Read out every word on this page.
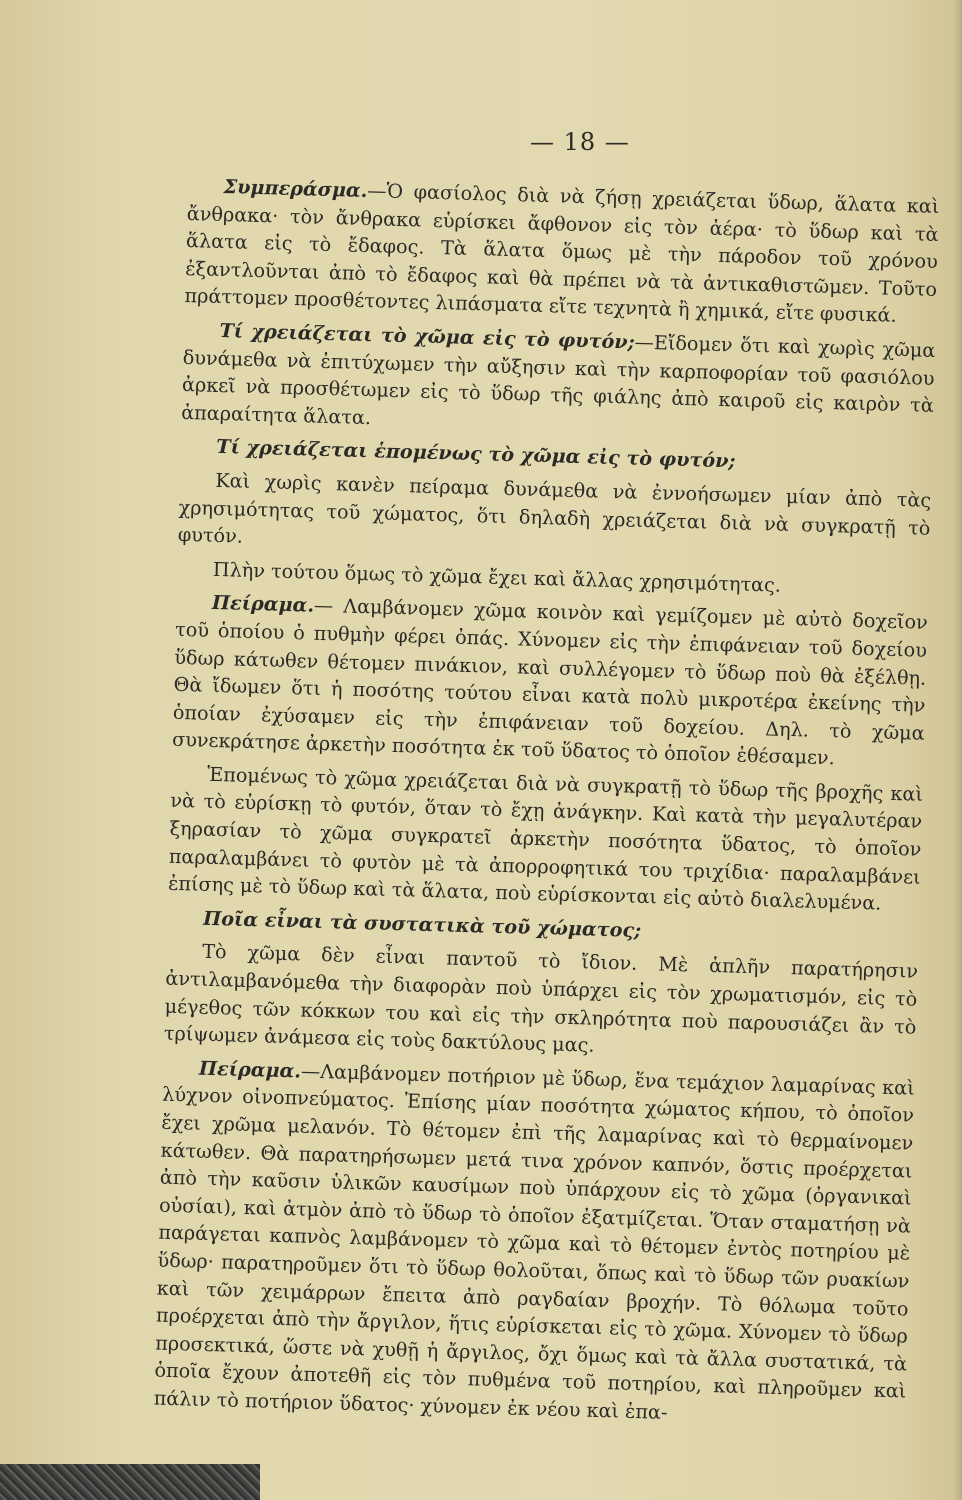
— 18 —

Συμπεράσμα.—Ὁ φασίολος διὰ νὰ ζήσῃ χρειάζεται ὕδωρ, ἅλατα καὶ ἄνθρακα· τὸν ἄνθρακα εὑρίσκει ἄφθονον εἰς τὸν ἀέρα· τὸ ὕδωρ καὶ τὰ ἅλατα εἰς τὸ ἔδαφος. Τὰ ἅλατα ὅμως μὲ τὴν πάροδον τοῦ χρόνου ἐξαντλοῦνται ἀπὸ τὸ ἔδαφος καὶ θὰ πρέπει νὰ τὰ ἀντικαθιστῶμεν. Τοῦτο πράττομεν προσθέτοντες λιπάσματα εἴτε τεχνητὰ ἢ χημικά, εἴτε φυσικά.

Τί χρειάζεται τὸ χῶμα εἰς τὸ φυτόν;—Εἴδομεν ὅτι καὶ χωρὶς χῶμα δυνάμεθα νὰ ἐπιτύχωμεν τὴν αὔξησιν καὶ τὴν καρποφορίαν τοῦ φασιόλου ἀρκεῖ νὰ προσθέτωμεν εἰς τὸ ὕδωρ τῆς φιάλης ἀπὸ καιροῦ εἰς καιρὸν τὰ ἀπαραίτητα ἅλατα.

Τί χρειάζεται ἑπομένως τὸ χῶμα εἰς τὸ φυτόν;

Καὶ χωρὶς κανὲν πείραμα δυνάμεθα νὰ ἐννοήσωμεν μίαν ἀπὸ τὰς χρησιμότητας τοῦ χώματος, ὅτι δηλαδὴ χρειάζεται διὰ νὰ συγκρατῇ τὸ φυτόν.

Πλὴν τούτου ὅμως τὸ χῶμα ἔχει καὶ ἄλλας χρησιμότητας.

Πείραμα.— Λαμβάνομεν χῶμα κοινὸν καὶ γεμίζομεν μὲ αὐτὸ δοχεῖον τοῦ ὁποίου ὁ πυθμὴν φέρει ὀπάς. Χύνομεν εἰς τὴν ἐπιφάνειαν τοῦ δοχείου ὕδωρ κάτωθεν θέτομεν πινάκιον, καὶ συλλέγομεν τὸ ὕδωρ ποὺ θὰ ἐξέλθῃ. Θὰ ἴδωμεν ὅτι ἡ ποσότης τούτου εἶναι κατὰ πολὺ μικροτέρα ἐκείνης τὴν ὁποίαν ἐχύσαμεν εἰς τὴν ἐπιφάνειαν τοῦ δοχείου. Δηλ. τὸ χῶμα συνεκράτησε ἀρκετὴν ποσότητα ἐκ τοῦ ὕδατος τὸ ὁποῖον ἐθέσαμεν.

Ἑπομένως τὸ χῶμα χρειάζεται διὰ νὰ συγκρατῇ τὸ ὕδωρ τῆς βροχῆς καὶ νὰ τὸ εὑρίσκῃ τὸ φυτόν, ὅταν τὸ ἔχῃ ἀνάγκην. Καὶ κατὰ τὴν μεγαλυτέραν ξηρασίαν τὸ χῶμα συγκρατεῖ ἀρκετὴν ποσότητα ὕδατος, τὸ ὁποῖον παραλαμβάνει τὸ φυτὸν μὲ τὰ ἀπορροφητικά του τριχίδια· παραλαμβάνει ἐπίσης μὲ τὸ ὕδωρ καὶ τὰ ἅλατα, ποὺ εὑρίσκονται εἰς αὐτὸ διαλελυμένα.

Ποῖα εἶναι τὰ συστατικὰ τοῦ χώματος;

Τὸ χῶμα δὲν εἶναι παντοῦ τὸ ἴδιον. Μὲ ἁπλῆν παρατήρησιν ἀντιλαμβανόμεθα τὴν διαφορὰν ποὺ ὑπάρχει εἰς τὸν χρωματισμόν, εἰς τὸ μέγεθος τῶν κόκκων του καὶ εἰς τὴν σκληρότητα ποὺ παρουσιάζει ἂν τὸ τρίψωμεν ἀνάμεσα εἰς τοὺς δακτύλους μας.

Πείραμα.—Λαμβάνομεν ποτήριον μὲ ὕδωρ, ἕνα τεμάχιον λαμαρίνας καὶ λύχνον οἰνοπνεύματος. Ἐπίσης μίαν ποσότητα χώματος κήπου, τὸ ὁποῖον ἔχει χρῶμα μελανόν. Τὸ θέτομεν ἐπὶ τῆς λαμαρίνας καὶ τὸ θερμαίνομεν κάτωθεν. Θὰ παρατηρήσωμεν μετά τινα χρόνον καπνόν, ὅστις προέρχεται ἀπὸ τὴν καῦσιν ὑλικῶν καυσίμων ποὺ ὑπάρχουν εἰς τὸ χῶμα (ὀργανικαὶ οὐσίαι), καὶ ἀτμὸν ἀπὸ τὸ ὕδωρ τὸ ὁποῖον ἐξατμίζεται. Ὅταν σταματήσῃ νὰ παράγεται καπνὸς λαμβάνομεν τὸ χῶμα καὶ τὸ θέτομεν ἐντὸς ποτηρίου μὲ ὕδωρ· παρατηροῦμεν ὅτι τὸ ὕδωρ θολοῦται, ὅπως καὶ τὸ ὕδωρ τῶν ρυακίων καὶ τῶν χειμάρρων ἔπειτα ἀπὸ ραγδαίαν βροχήν. Τὸ θόλωμα τοῦτο προέρχεται ἀπὸ τὴν ἄργιλον, ἥτις εὑρίσκεται εἰς τὸ χῶμα. Χύνομεν τὸ ὕδωρ προσεκτικά, ὥστε νὰ χυθῇ ἡ ἄργιλος, ὄχι ὅμως καὶ τὰ ἄλλα συστατικά, τὰ ὁποῖα ἔχουν ἀποτεθῆ εἰς τὸν πυθμένα τοῦ ποτηρίου, καὶ πληροῦμεν καὶ πάλιν τὸ ποτήριον ὕδατος· χύνομεν ἐκ νέου καὶ ἐπα-
